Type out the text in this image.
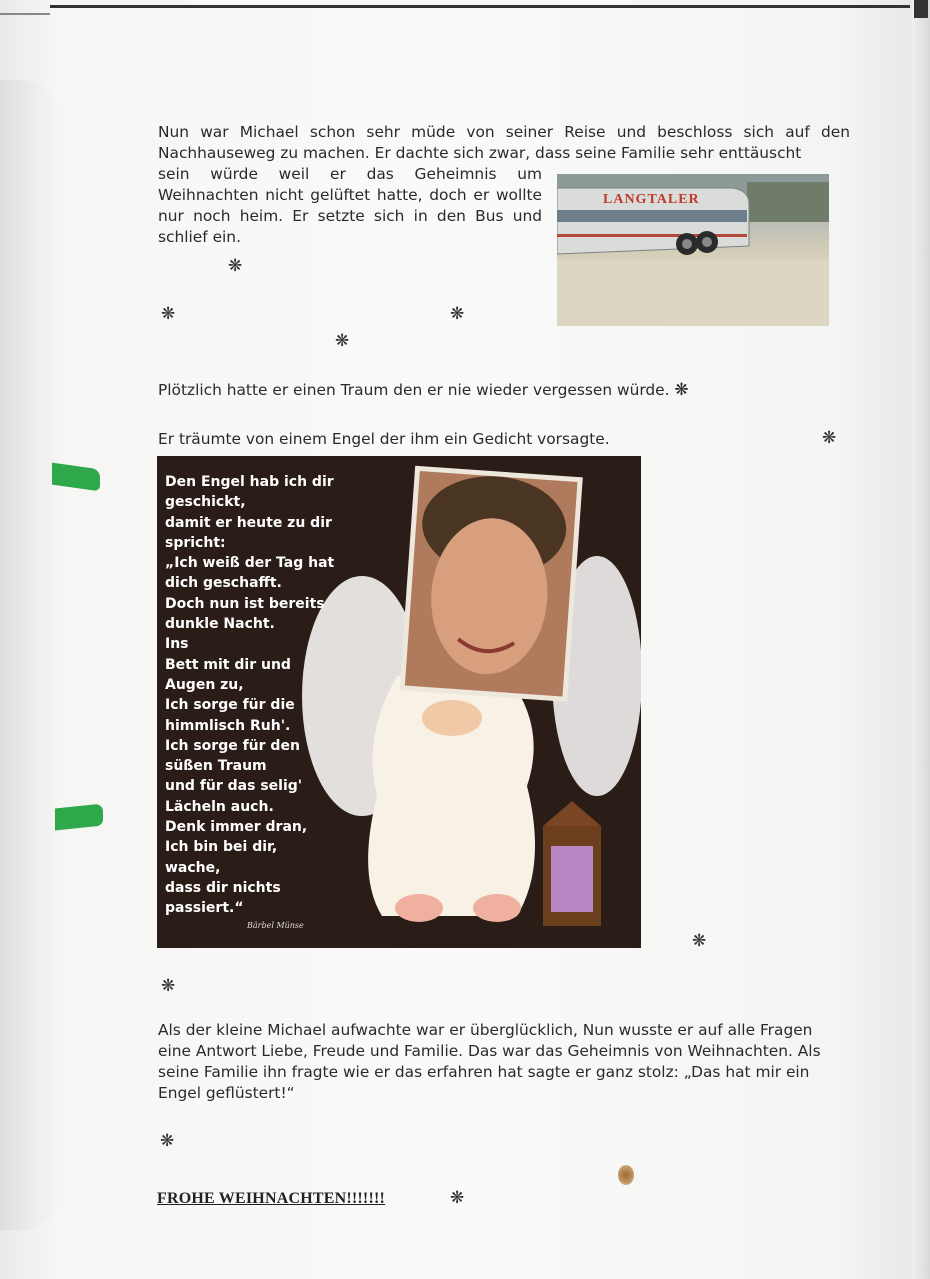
Nun war Michael schon sehr müde von seiner Reise und beschloss sich auf den Nachhauseweg zu machen. Er dachte sich zwar, dass seine Familie sehr enttäuscht

sein würde weil er das Geheimnis um Weihnachten nicht gelüftet hatte, doch er wollte nur noch heim. Er setzte sich in den Bus und schlief ein.

LANGTALER
❋
❋	❋
❋

Plötzlich hatte er einen Traum den er nie wieder vergessen würde. ❋

Er träumte von einem Engel der ihm ein Gedicht vorsagte.	❋
Den Engel hab ich dir
geschickt,
damit er heute zu dir
spricht:
„Ich weiß der Tag hat
dich geschafft.
Doch nun ist bereits
dunkle Nacht.
Ins
Bett mit dir und
Augen zu,
Ich sorge für die
himmlisch Ruh'.
Ich sorge für den
süßen Traum
und für das selig'
Lächeln auch.
Denk immer dran,
Ich bin bei dir,
wache,
dass dir nichts
passiert.“
Bärbel Münse
❋
❋

Als der kleine Michael aufwachte war er überglücklich, Nun wusste er auf alle Fragen eine Antwort Liebe, Freude und Familie. Das war das Geheimnis von Weihnachten. Als seine Familie ihn fragte wie er das erfahren hat sagte er ganz stolz: „Das hat mir ein Engel geflüstert!“

❋
FROHE WEIHNACHTEN!!!!!!!	❋
